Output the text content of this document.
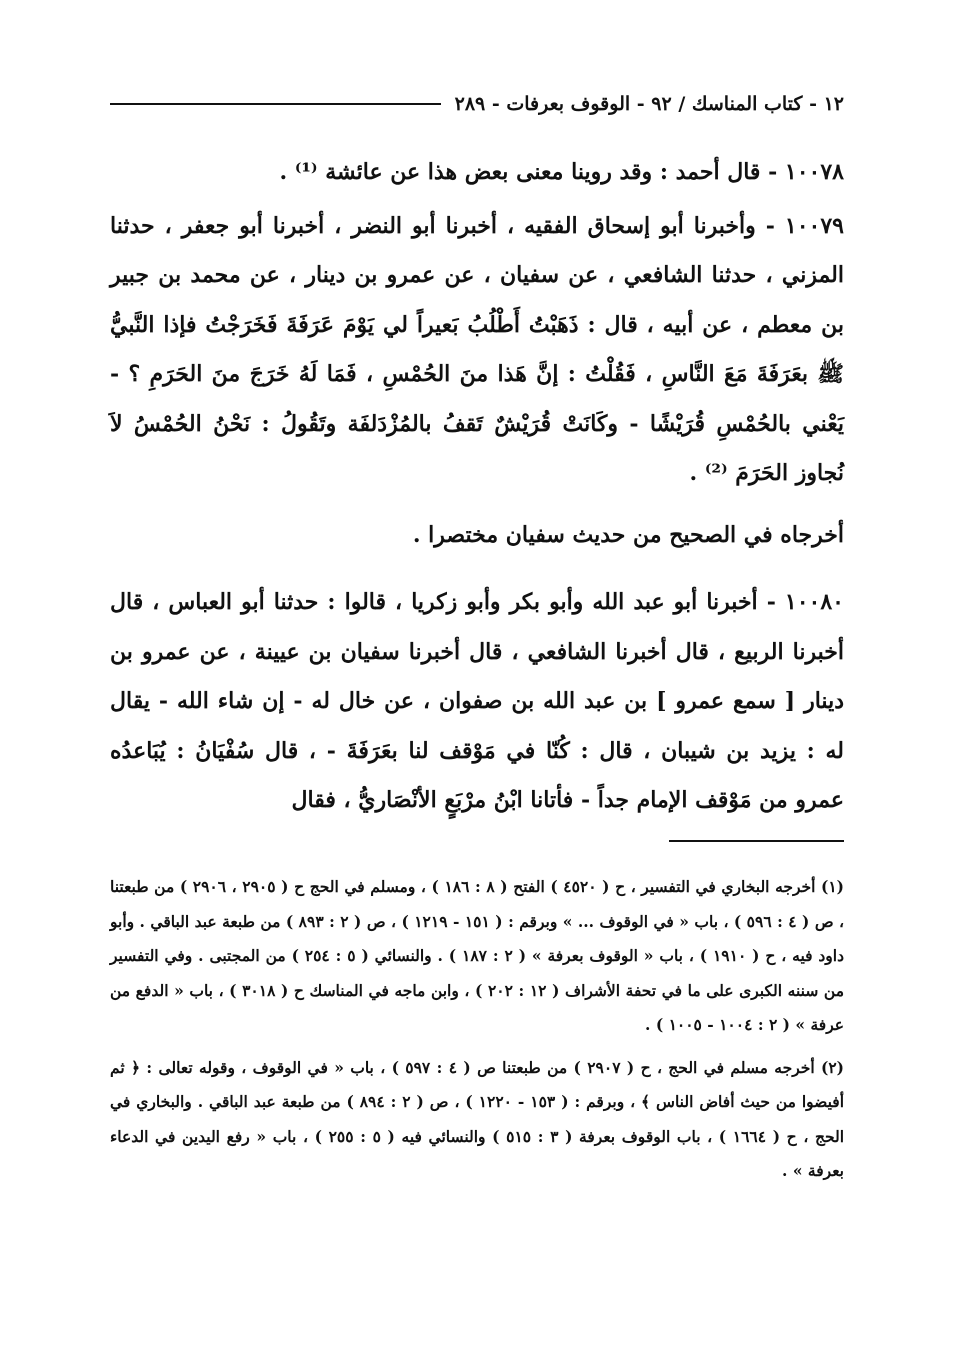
١٢ - كتاب المناسك / ٩٢ - الوقوف بعرفات - ٢٨٩

١٠٠٧٨ - قال أحمد : وقد روينا معنى بعض هذا عن عائشة ⁽¹⁾ .

١٠٠٧٩ - وأخبرنا أبو إسحاق الفقيه ، أخبرنا أبو النضر ، أخبرنا أبو جعفر ، حدثنا المزني ، حدثنا الشافعي ، عن سفيان ، عن عمرو بن دينار ، عن محمد بن جبير بن معطم ، عن أبيه ، قال : ذَهَبْتُ أَطْلُبُ بَعيراً لي يَوْمَ عَرَفَةَ فَخَرَجْتُ فإذا النَّبيُّ ﷺ بعَرَفَةَ مَعَ النَّاسِ ، فَقُلْتُ : إنَّ هَذا منَ الحُمْسِ ، فَمَا لَهُ خَرَجَ منَ الحَرَمِ ؟ - يَعْني بالحُمْسِ قُرَيْشًا - وكَانَتْ قُرَيْشٌ تَقفُ بالمُزْدَلفَة وتَقُولُ : نَحْنُ الحُمْسُ لاَ نُجاوز الحَرَمَ ⁽²⁾ .

أخرجاه في الصحيح من حديث سفيان مختصرا .

١٠٠٨٠ - أخبرنا أبو عبد الله وأبو بكر وأبو زكريا ، قالوا : حدثنا أبو العباس ، قال أخبرنا الربيع ، قال أخبرنا الشافعي ، قال أخبرنا سفيان بن عيينة ، عن عمرو بن دينار [ سمع عمرو ] بن عبد الله بن صفوان ، عن خال له - إن شاء الله - يقال له : يزيد بن شيبان ، قال : كُنّا في مَوْقف لنا بعَرَفَةَ - ، قال سُفْيَانُ : يُبَاعدُه عمرو من مَوْقف الإمام جداً - فأتانا ابْنُ مرْبَعٍ الأنْصَاريُّ ، فقال

(١) أخرجه البخاري في التفسير ، ح ( ٤٥٢٠ ) الفتح ( ٨ : ١٨٦ ) ، ومسلم في الحج ح ( ٢٩٠٥ ، ٢٩٠٦ ) من طبعتنا ، ص ( ٤ : ٥٩٦ ) ، باب « في الوقوف ... » وبرقم : ( ١٥١ - ١٢١٩ ) ، ص ( ٢ : ٨٩٣ ) من طبعة عبد الباقي . وأبو داود فيه ، ح ( ١٩١٠ ) ، باب « الوقوف بعرفة » ( ٢ : ١٨٧ ) . والنسائي ( ٥ : ٢٥٤ ) من المجتبى . وفي التفسير من سننه الكبرى على ما في تحفة الأشراف ( ١٢ : ٢٠٢ ) ، وابن ماجه في المناسك ح ( ٣٠١٨ ) ، باب « الدفع من عرفة » ( ٢ : ١٠٠٤ - ١٠٠٥ ) .

(٢) أخرجه مسلم في الحج ، ح ( ٢٩٠٧ ) من طبعتنا ص ( ٤ : ٥٩٧ ) ، باب « في الوقوف ، وقوله تعالى : ﴿ ثم أفيضوا من حيث أفاض الناس ﴾ ، وبرقم : ( ١٥٣ - ١٢٢٠ ) ، ص ( ٢ : ٨٩٤ ) من طبعة عبد الباقي . والبخاري في الحج ، ح ( ١٦٦٤ ) ، باب الوقوف بعرفة ( ٣ : ٥١٥ ) والنسائي فيه ( ٥ : ٢٥٥ ) ، باب « رفع اليدين في الدعاء بعرفة » .
